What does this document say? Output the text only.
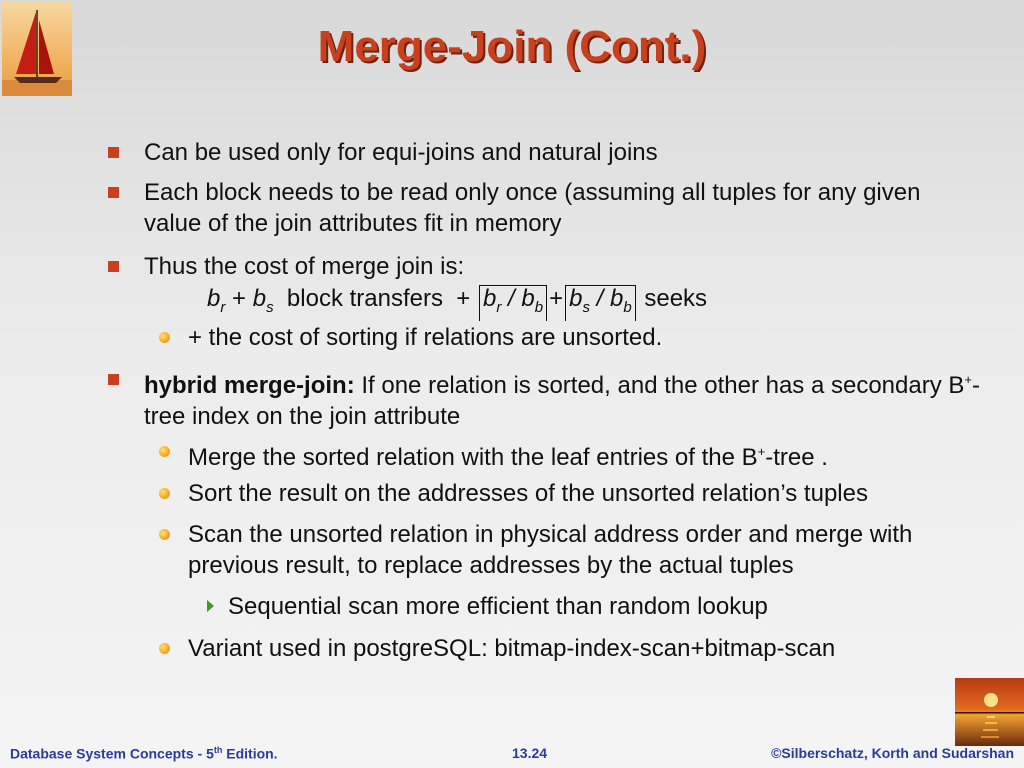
Merge-Join (Cont.)
Can be used only for equi-joins and natural joins
Each block needs to be read only once (assuming all tuples for any given value of the join attributes fit in memory
Thus the cost of merge join is:
$b_r + b_s$  block transfers  + $b_r / b_b + b_s / b_b$ seeks
+ the cost of sorting if relations are unsorted.
hybrid merge-join: If one relation is sorted, and the other has a secondary B+-tree index on the join attribute
Merge the sorted relation with the leaf entries of the B+-tree .
Sort the result on the addresses of the unsorted relation’s tuples
Scan the unsorted relation in physical address order and merge with previous result, to replace addresses by the actual tuples
Sequential scan more efficient than random lookup
Variant used in postgreSQL: bitmap-index-scan+bitmap-scan
Database System Concepts - 5th Edition.	13.24	©Silberschatz, Korth and Sudarshan
